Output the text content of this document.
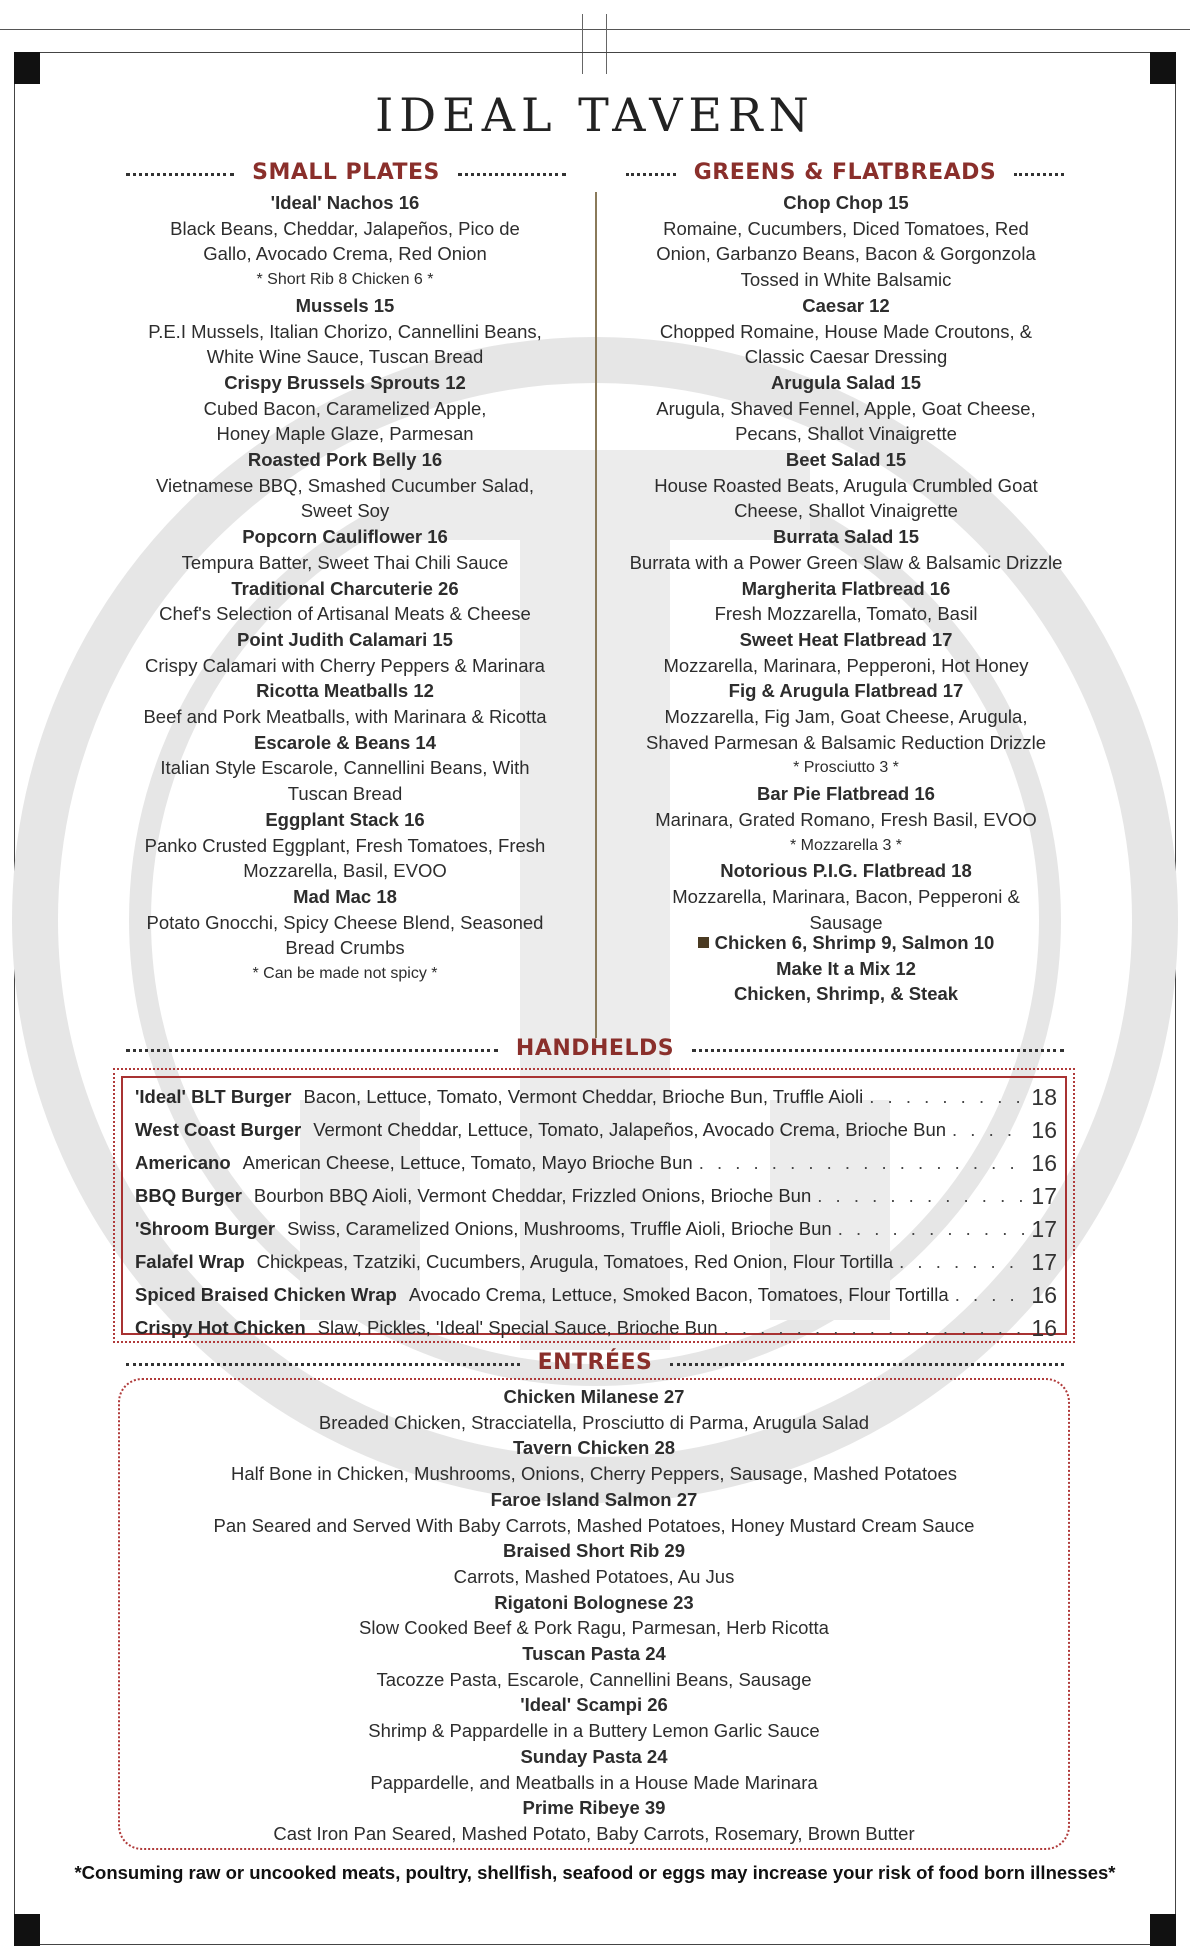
IDEAL TAVERN
SMALL PLATES	GREENS & FLATBREADS
'Ideal' Nachos 16
Black Beans, Cheddar, Jalapeños, Pico de
Gallo, Avocado Crema, Red Onion
* Short Rib 8 Chicken 6 *
Mussels 15
P.E.I Mussels, Italian Chorizo, Cannellini Beans,
White Wine Sauce, Tuscan Bread
Crispy Brussels Sprouts 12
Cubed Bacon, Caramelized Apple,
Honey Maple Glaze, Parmesan
Roasted Pork Belly 16
Vietnamese BBQ, Smashed Cucumber Salad,
Sweet Soy
Popcorn Cauliflower 16
Tempura Batter, Sweet Thai Chili Sauce
Traditional Charcuterie 26
Chef's Selection of Artisanal Meats & Cheese
Point Judith Calamari 15
Crispy Calamari with Cherry Peppers & Marinara
Ricotta Meatballs 12
Beef and Pork Meatballs, with Marinara & Ricotta
Escarole & Beans 14
Italian Style Escarole, Cannellini Beans, With
Tuscan Bread
Eggplant Stack 16
Panko Crusted Eggplant, Fresh Tomatoes, Fresh
Mozzarella, Basil, EVOO
Mad Mac 18
Potato Gnocchi, Spicy Cheese Blend, Seasoned
Bread Crumbs
* Can be made not spicy *
Chop Chop 15
Romaine, Cucumbers, Diced Tomatoes, Red
Onion, Garbanzo Beans, Bacon & Gorgonzola
Tossed in White Balsamic
Caesar 12
Chopped Romaine, House Made Croutons, &
Classic Caesar Dressing
Arugula Salad 15
Arugula, Shaved Fennel, Apple, Goat Cheese,
Pecans, Shallot Vinaigrette
Beet Salad 15
House Roasted Beats, Arugula Crumbled Goat
Cheese, Shallot Vinaigrette
Burrata Salad 15
Burrata with a Power Green Slaw & Balsamic Drizzle
Margherita Flatbread 16
Fresh Mozzarella, Tomato, Basil
Sweet Heat Flatbread 17
Mozzarella, Marinara, Pepperoni, Hot Honey
Fig & Arugula Flatbread 17
Mozzarella, Fig Jam, Goat Cheese, Arugula,
Shaved Parmesan & Balsamic Reduction Drizzle
* Prosciutto 3 *
Bar Pie Flatbread 16
Marinara, Grated Romano, Fresh Basil, EVOO
* Mozzarella 3 *
Notorious P.I.G. Flatbread 18
Mozzarella, Marinara, Bacon, Pepperoni &
Sausage
Chicken 6, Shrimp 9, Salmon 10
Make It a Mix 12
Chicken, Shrimp, & Steak
HANDHELDS
'Ideal' BLT Burger Bacon, Lettuce, Tomato, Vermont Cheddar, Brioche Bun, Truffle Aioli . . .	18
West Coast Burger Vermont Cheddar, Lettuce, Tomato, Jalapeños, Avocado Crema, Brioche Bun . . .	16
Americano American Cheese, Lettuce, Tomato, Mayo Brioche Bun . . .	16
BBQ Burger Bourbon BBQ Aioli, Vermont Cheddar, Frizzled Onions, Brioche Bun . . .	17
'Shroom Burger Swiss, Caramelized Onions, Mushrooms, Truffle Aioli, Brioche Bun . . .	17
Falafel Wrap Chickpeas, Tzatziki, Cucumbers, Arugula, Tomatoes, Red Onion, Flour Tortilla . . .	17
Spiced Braised Chicken Wrap Avocado Crema, Lettuce, Smoked Bacon, Tomatoes, Flour Tortilla . . .	16
Crispy Hot Chicken Slaw, Pickles, 'Ideal' Special Sauce, Brioche Bun . . .	16
ENTRÉES
Chicken Milanese 27
Breaded Chicken, Stracciatella, Prosciutto di Parma, Arugula Salad
Tavern Chicken 28
Half Bone in Chicken, Mushrooms, Onions, Cherry Peppers, Sausage, Mashed Potatoes
Faroe Island Salmon 27
Pan Seared and Served With Baby Carrots, Mashed Potatoes, Honey Mustard Cream Sauce
Braised Short Rib 29
Carrots, Mashed Potatoes, Au Jus
Rigatoni Bolognese 23
Slow Cooked Beef & Pork Ragu, Parmesan, Herb Ricotta
Tuscan Pasta 24
Tacozze Pasta, Escarole, Cannellini Beans, Sausage
'Ideal' Scampi 26
Shrimp & Pappardelle in a Buttery Lemon Garlic Sauce
Sunday Pasta 24
Pappardelle, and Meatballs in a House Made Marinara
Prime Ribeye 39
Cast Iron Pan Seared, Mashed Potato, Baby Carrots, Rosemary, Brown Butter
*Consuming raw or uncooked meats, poultry, shellfish, seafood or eggs may increase your risk of food born illnesses*
